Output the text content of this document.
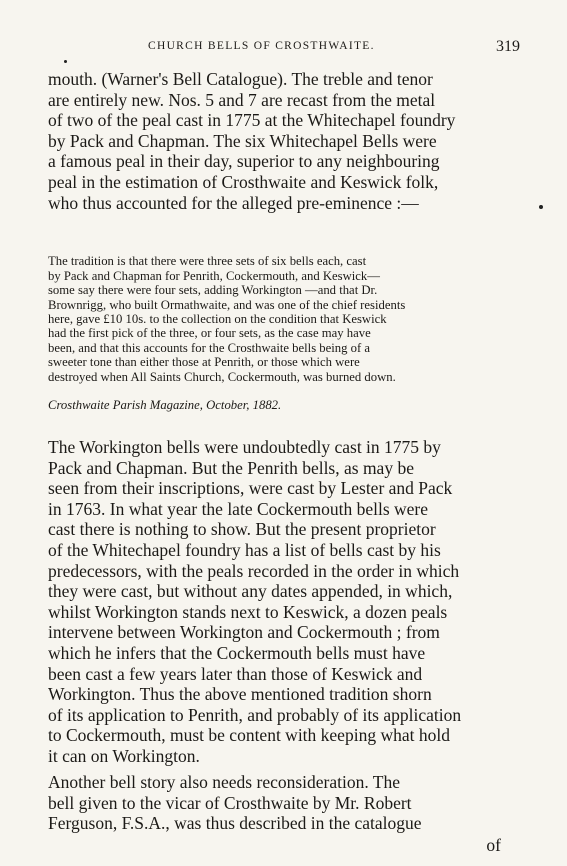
CHURCH BELLS OF CROSTHWAITE.	319

mouth. (Warner's Bell Catalogue). The treble and tenor
are entirely new. Nos. 5 and 7 are recast from the metal
of two of the peal cast in 1775 at the Whitechapel foundry
by Pack and Chapman. The six Whitechapel Bells were
a famous peal in their day, superior to any neighbouring
peal in the estimation of Crosthwaite and Keswick folk,
who thus accounted for the alleged pre-eminence :—

The tradition is that there were three sets of six bells each, cast
by Pack and Chapman for Penrith, Cockermouth, and Keswick—
some say there were four sets, adding Workington —and that Dr.
Brownrigg, who built Ormathwaite, and was one of the chief residents
here, gave £10 10s. to the collection on the condition that Keswick
had the first pick of the three, or four sets, as the case may have
been, and that this accounts for the Crosthwaite bells being of a
sweeter tone than either those at Penrith, or those which were
destroyed when All Saints Church, Cockermouth, was burned down.

Crosthwaite Parish Magazine, October, 1882.

The Workington bells were undoubtedly cast in 1775 by
Pack and Chapman. But the Penrith bells, as may be
seen from their inscriptions, were cast by Lester and Pack
in 1763. In what year the late Cockermouth bells were
cast there is nothing to show. But the present proprietor
of the Whitechapel foundry has a list of bells cast by his
predecessors, with the peals recorded in the order in which
they were cast, but without any dates appended, in which,
whilst Workington stands next to Keswick, a dozen peals
intervene between Workington and Cockermouth ; from
which he infers that the Cockermouth bells must have
been cast a few years later than those of Keswick and
Workington. Thus the above mentioned tradition shorn
of its application to Penrith, and probably of its application
to Cockermouth, must be content with keeping what hold
it can on Workington.

Another bell story also needs reconsideration. The
bell given to the vicar of Crosthwaite by Mr. Robert
Ferguson, F.S.A., was thus described in the catalogue

of
